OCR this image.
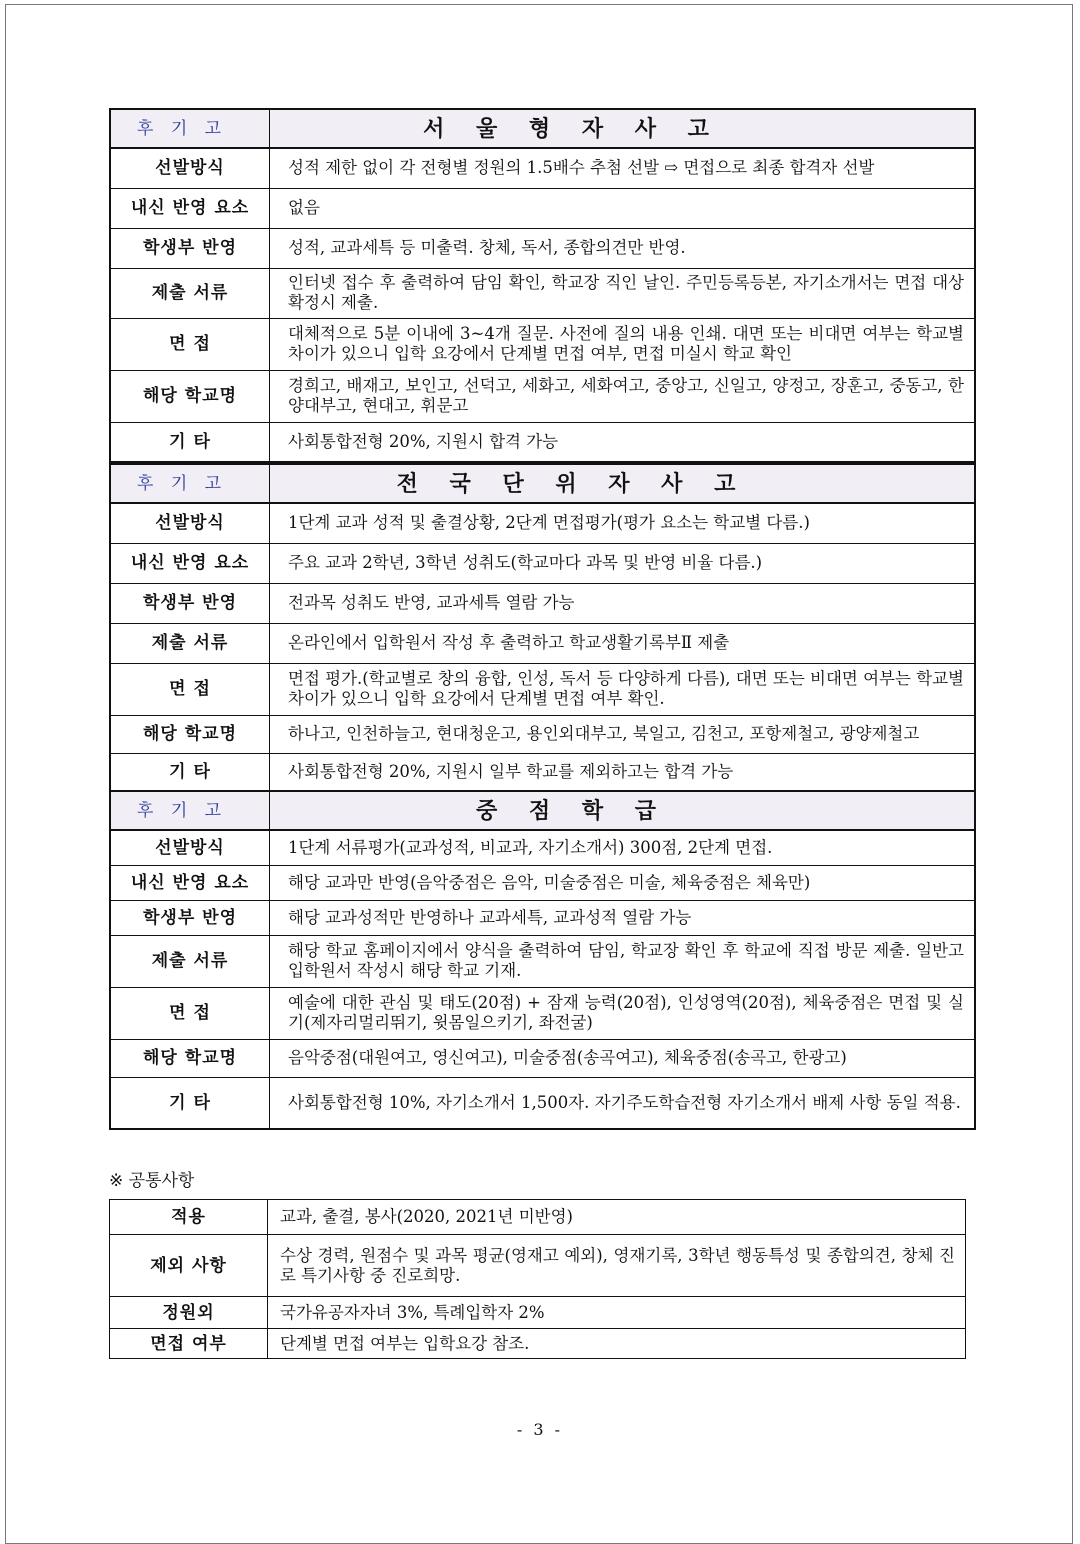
후 기 고	서 울 형 자 사 고
선발방식	성적 제한 없이 각 전형별 정원의 1.5배수 추첨 선발 ⇨ 면접으로 최종 합격자 선발
내신 반영 요소	없음
학생부 반영	성적, 교과세특 등 미출력. 창체, 독서, 종합의견만 반영.
제출 서류	인터넷 접수 후 출력하여 담임 확인, 학교장 직인 날인. 주민등록등본, 자기소개서는 면접 대상 확정시 제출.
면 접	대체적으로 5분 이내에 3~4개 질문. 사전에 질의 내용 인쇄. 대면 또는 비대면 여부는 학교별 차이가 있으니 입학 요강에서 단계별 면접 여부, 면접 미실시 학교 확인
해당 학교명	경희고, 배재고, 보인고, 선덕고, 세화고, 세화여고, 중앙고, 신일고, 양정고, 장훈고, 중동고, 한양대부고, 현대고, 휘문고
기 타	사회통합전형 20%, 지원시 합격 가능
후 기 고	전 국 단 위 자 사 고
선발방식	1단계 교과 성적 및 출결상황, 2단계 면접평가(평가 요소는 학교별 다름.)
내신 반영 요소	주요 교과 2학년, 3학년 성취도(학교마다 과목 및 반영 비율 다름.)
학생부 반영	전과목 성취도 반영, 교과세특 열람 가능
제출 서류	온라인에서 입학원서 작성 후 출력하고 학교생활기록부Ⅱ 제출
면 접	면접 평가.(학교별로 창의 융합, 인성, 독서 등 다양하게 다름), 대면 또는 비대면 여부는 학교별 차이가 있으니 입학 요강에서 단계별 면접 여부 확인.
해당 학교명	하나고, 인천하늘고, 현대청운고, 용인외대부고, 북일고, 김천고, 포항제철고, 광양제철고
기 타	사회통합전형 20%, 지원시 일부 학교를 제외하고는 합격 가능
후 기 고	중 점 학 급
선발방식	1단계 서류평가(교과성적, 비교과, 자기소개서) 300점, 2단계 면접.
내신 반영 요소	해당 교과만 반영(음악중점은 음악, 미술중점은 미술, 체육중점은 체육만)
학생부 반영	해당 교과성적만 반영하나 교과세특, 교과성적 열람 가능
제출 서류	해당 학교 홈페이지에서 양식을 출력하여 담임, 학교장 확인 후 학교에 직접 방문 제출. 일반고 입학원서 작성시 해당 학교 기재.
면 접	예술에 대한 관심 및 태도(20점) + 잠재 능력(20점), 인성영역(20점), 체육중점은 면접 및 실기(제자리멀리뛰기, 윗몸일으키기, 좌전굴)
해당 학교명	음악중점(대원여고, 영신여고), 미술중점(송곡여고), 체육중점(송곡고, 한광고)
기 타	사회통합전형 10%, 자기소개서 1,500자. 자기주도학습전형 자기소개서 배제 사항 동일 적용.
※ 공통사항
적용	교과, 출결, 봉사(2020, 2021년 미반영)
제외 사항	수상 경력, 원점수 및 과목 평균(영재고 예외), 영재기록, 3학년 행동특성 및 종합의견, 창체 진로 특기사항 중 진로희망.
정원외	국가유공자자녀 3%, 특례입학자 2%
면접 여부	단계별 면접 여부는 입학요강 참조.
- 3 -
